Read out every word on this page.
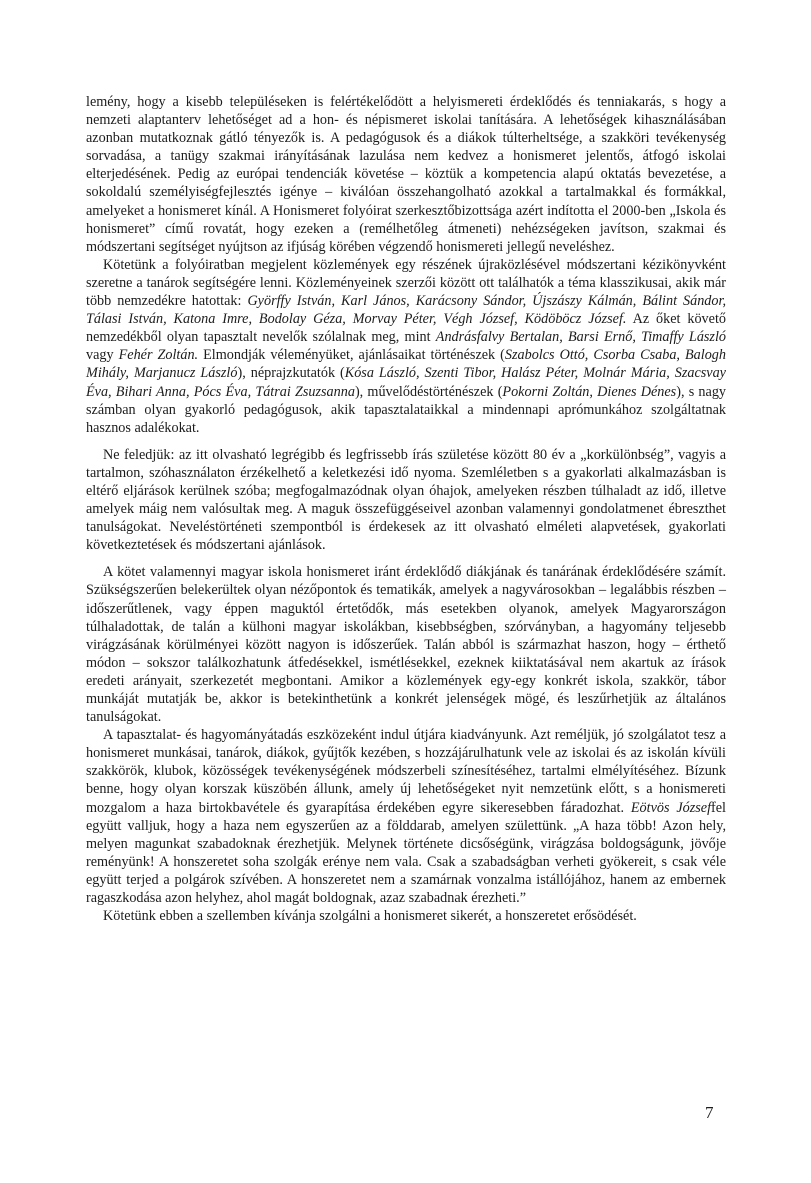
lemény, hogy a kisebb településeken is felértékelődött a helyismereti érdeklődés és tenniakarás, s hogy a nemzeti alaptanterv lehetőséget ad a hon- és népismeret iskolai tanítására. A lehetőségek kihasználásában azonban mutatkoznak gátló tényezők is. A pedagógusok és a diákok túlterheltsége, a szakköri tevékenység sorvadása, a tanügy szakmai irányításának lazulása nem kedvez a honismeret jelentős, átfogó iskolai elterjedésének. Pedig az európai tendenciák követése – köztük a kompetencia alapú oktatás bevezetése, a sokoldalú személyiségfejlesztés igénye – kiválóan összehangolható azokkal a tartalmakkal és formákkal, amelyeket a honismeret kínál. A Honismeret folyóirat szerkesztőbizottsága azért indította el 2000-ben „Iskola és honismeret” című rovatát, hogy ezeken a (remélhetőleg átmeneti) nehézségeken javítson, szakmai és módszertani segítséget nyújtson az ifjúság körében végzendő honismereti jellegű neveléshez.

Kötetünk a folyóiratban megjelent közlemények egy részének újraközlésével módszertani kézikönyvként szeretne a tanárok segítségére lenni. Közleményeinek szerzői között ott találhatók a téma klasszikusai, akik már több nemzedékre hatottak: Györffy István, Karl János, Karácsony Sándor, Újszászy Kálmán, Bálint Sándor, Tálasi István, Katona Imre, Bodolay Géza, Morvay Péter, Végh József, Ködöböcz József. Az őket követő nemzedékből olyan tapasztalt nevelők szólalnak meg, mint Andrásfalvy Bertalan, Barsi Ernő, Timaffy László vagy Fehér Zoltán. Elmondják véleményüket, ajánlásaikat történészek (Szabolcs Ottó, Csorba Csaba, Balogh Mihály, Marjanucz László), néprajzkutatók (Kósa László, Szenti Tibor, Halász Péter, Molnár Mária, Szacsvay Éva, Bihari Anna, Pócs Éva, Tátrai Zsuzsanna), művelődéstörténészek (Pokorni Zoltán, Dienes Dénes), s nagy számban olyan gyakorló pedagógusok, akik tapasztalataikkal a mindennapi aprómunkához szolgáltatnak hasznos adalékokat.

Ne feledjük: az itt olvasható legrégibb és legfrissebb írás születése között 80 év a „korkülönbség”, vagyis a tartalmon, szóhasználaton érzékelhető a keletkezési idő nyoma. Szemléletben s a gyakorlati alkalmazásban is eltérő eljárások kerülnek szóba; megfogalmazódnak olyan óhajok, amelyeken részben túlhaladt az idő, illetve amelyek máig nem valósultak meg. A maguk összefüggéseivel azonban valamennyi gondolatmenet ébreszthet tanulságokat. Neveléstörténeti szempontból is érdekesek az itt olvasható elméleti alapvetések, gyakorlati következtetések és módszertani ajánlások.

A kötet valamennyi magyar iskola honismeret iránt érdeklődő diákjának és tanárának érdeklődésére számít. Szükségszerűen belekerültek olyan nézőpontok és tematikák, amelyek a nagyvárosokban – legalábbis részben – időszerűtlenek, vagy éppen maguktól értetődők, más esetekben olyanok, amelyek Magyarországon túlhaladottak, de talán a külhoni magyar iskolákban, kisebbségben, szórványban, a hagyomány teljesebb virágzásának körülményei között nagyon is időszerűek. Talán abból is származhat haszon, hogy – érthető módon – sokszor találkozhatunk átfedésekkel, ismétlésekkel, ezeknek kiiktatásával nem akartuk az írások eredeti arányait, szerkezetét megbontani. Amikor a közlemények egy-egy konkrét iskola, szakkör, tábor munkáját mutatják be, akkor is betekinthetünk a konkrét jelenségek mögé, és leszűrhetjük az általános tanulságokat.

A tapasztalat- és hagyományátadás eszközeként indul útjára kiadványunk. Azt reméljük, jó szolgálatot tesz a honismeret munkásai, tanárok, diákok, gyűjtők kezében, s hozzájárulhatunk vele az iskolai és az iskolán kívüli szakkörök, klubok, közösségek tevékenységének módszerbeli színesítéséhez, tartalmi elmélyítéséhez. Bízunk benne, hogy olyan korszak küszöbén állunk, amely új lehetőségeket nyit nemzetünk előtt, s a honismereti mozgalom a haza birtokbavétele és gyarapítása érdekében egyre sikeresebben fáradozhat. Eötvös Józseffel együtt valljuk, hogy a haza nem egyszerűen az a földdarab, amelyen születtünk. „A haza több! Azon hely, melyen magunkat szabadoknak érezhetjük. Melynek története dicsőségünk, virágzása boldogságunk, jövője reményünk! A honszeretet soha szolgák erénye nem vala. Csak a szabadságban verheti gyökereit, s csak véle együtt terjed a polgárok szívében. A honszeretet nem a szamárnak vonzalma istállójához, hanem az embernek ragaszkodása azon helyhez, ahol magát boldognak, azaz szabadnak érezheti.”

Kötetünk ebben a szellemben kívánja szolgálni a honismeret sikerét, a honszeretet erősödését.

7
